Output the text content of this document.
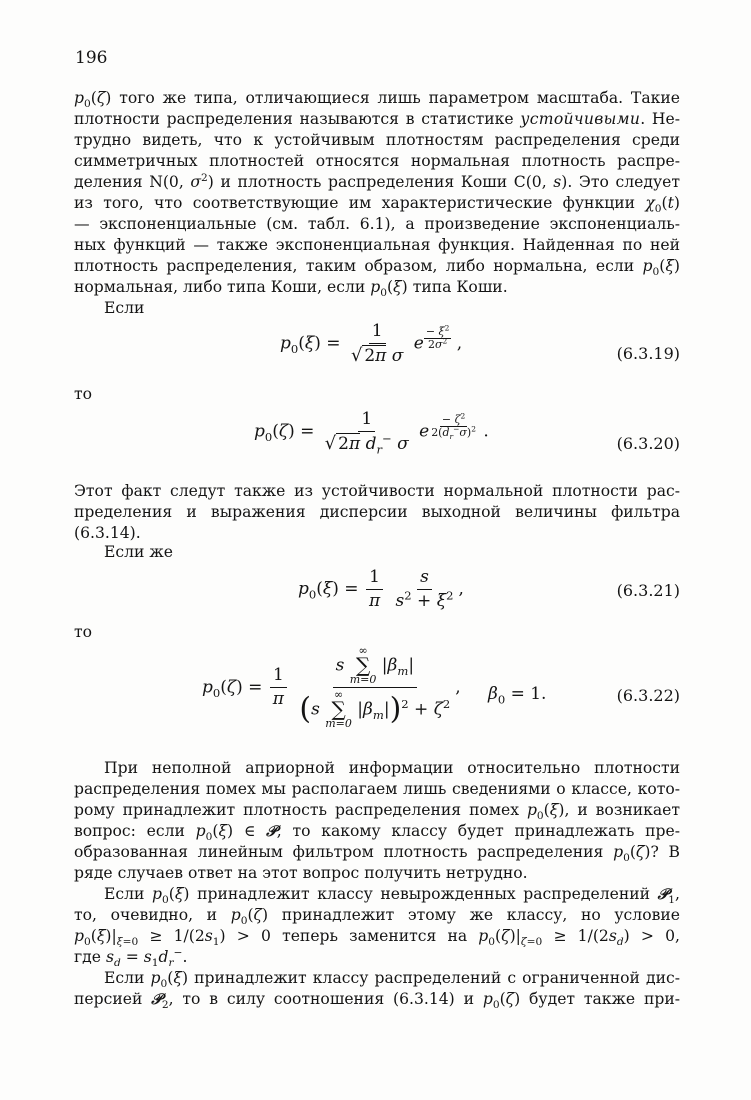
196
$p_0(\zeta)$ того же типа, отличающиеся лишь параметром масштаба. Такие
плотности распределения называются в статистике устойчивыми. Не-
трудно видеть, что к устойчивым плотностям распределения среди
симметричных плотностей относятся нормальная плотность распре-
деления N(0, $\sigma^2$) и плотность распределения Коши C(0, s). Это следует
из того, что соответствующие им характеристические функции $\chi_0(t)$
— экспоненциальные (см. табл. 6.1), а произведение экспоненциаль-
ных функций — также экспоненциальная функция. Найденная по ней
плотность распределения, таким образом, либо нормальна, если $p_0(\xi)$
нормальная, либо типа Коши, если $p_0(\xi)$ типа Коши.
Если
$p_0(\xi) = \frac{1}{\text{√ 2π σ}}$ e $\frac{- \xi^2}{2\sigma^2}$ ,	(6.3.19)
то
$p_0(\zeta) = \frac{1}{√ 2\pi d_r^- \sigma}$ e $\frac{- \zeta^2}{2(d_r^-\sigma)^2}$ .
(6.3.20)
Этот факт следут также из устойчивости нормальной плотности рас-
пределения и выражения дисперсии выходной величины фильтра
(6.3.14).
Если же
$p_0(\xi) = \frac{1}{\pi}$
$\frac{s}{s^2 + \xi^2}$ ,	(6.3.21)
то
$p_0(\zeta) = \frac{1}{\pi}$
s
∞
∑
m=0
$|\beta_m|$
(s
∞
∑
m=0
$|\beta_m|)^2 + \zeta^2$ , $\beta_0 = 1$.	(6.3.22)
При неполной априорной информации относительно плотности
распределения помех мы располагаем лишь сведениями о классе, кото-
рому принадлежит плотность распределения помех $p_0(\xi)$, и возникает
вопрос: если $p_0(\xi)$ ∈ 𝒫, то какому классу будет принадлежать пре-
образованная линейным фильтром плотность распределения $p_0(\zeta)$? В
ряде случаев ответ на этот вопрос получить нетрудно.
Если $p_0(\xi)$ принадлежит классу невырожденных распределений 𝒫$_1$,
то, очевидно, и $p_0(\zeta)$ принадлежит этому же классу, но условие
$p_0(\xi)|_{\xi=0} \ge 1/(2s_1) > 0$ теперь заменится на $p_0(\zeta)|_{\zeta=0} \ge 1/(2s_d) > 0$,
где $s_d = s_1d_r^-$.
Если $p_0(\xi)$ принадлежит классу распределений с ограниченной дис-
персией 𝒫$_2$, то в силу соотношения (6.3.14) и $p_0(\zeta)$ будет также при-
